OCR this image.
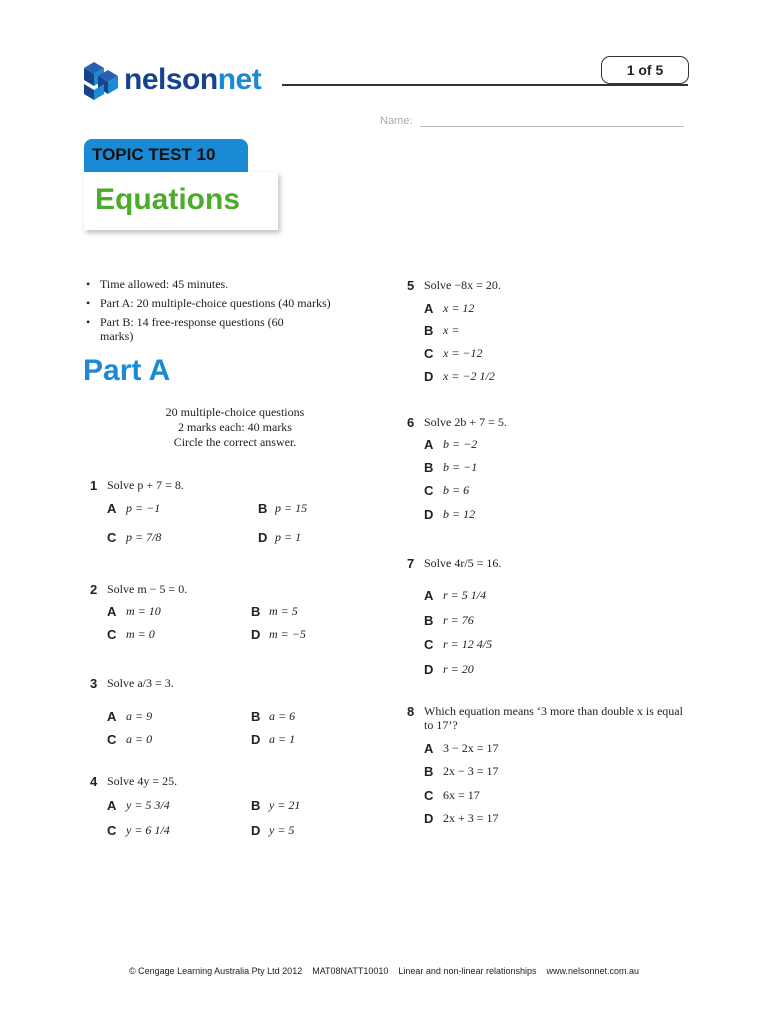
nelsonnet	1 of 5
Name:
TOPIC TEST 10
Equations
• Time allowed: 45 minutes.
• Part A: 20 multiple-choice questions (40 marks)
• Part B: 14 free-response questions (60 marks)
Part A
20 multiple-choice questions
2 marks each: 40 marks
Circle the correct answer.
1 Solve p + 7 = 8.
A p = −1	B p = 15
C p = 7/8	D p = 1
2 Solve m − 5 = 0.
A m = 10	B m = 5
C m = 0	D m = −5
3 Solve a/3 = 3.
A a = 9	B a = 6
C a = 0	D a = 1
4 Solve 4y = 25.
A y = 5 3/4	B y = 21
C y = 6 1/4	D y = 5
5 Solve −8x = 20.
A x = 12
B x =
C x = −12
D x = −2 1/2
6 Solve 2b + 7 = 5.
A b = −2
B b = −1
C b = 6
D b = 12
7 Solve 4r/5 = 16.
A r = 5 1/4
B r = 76
C r = 12 4/5
D r = 20
8 Which equation means ‘3 more than double x is equal to 17’?
A 3 − 2x = 17
B 2x − 3 = 17
C 6x = 17
D 2x + 3 = 17
© Cengage Learning Australia Pty Ltd 2012    MAT08NATT10010    Linear and non-linear relationships    www.nelsonnet.com.au
